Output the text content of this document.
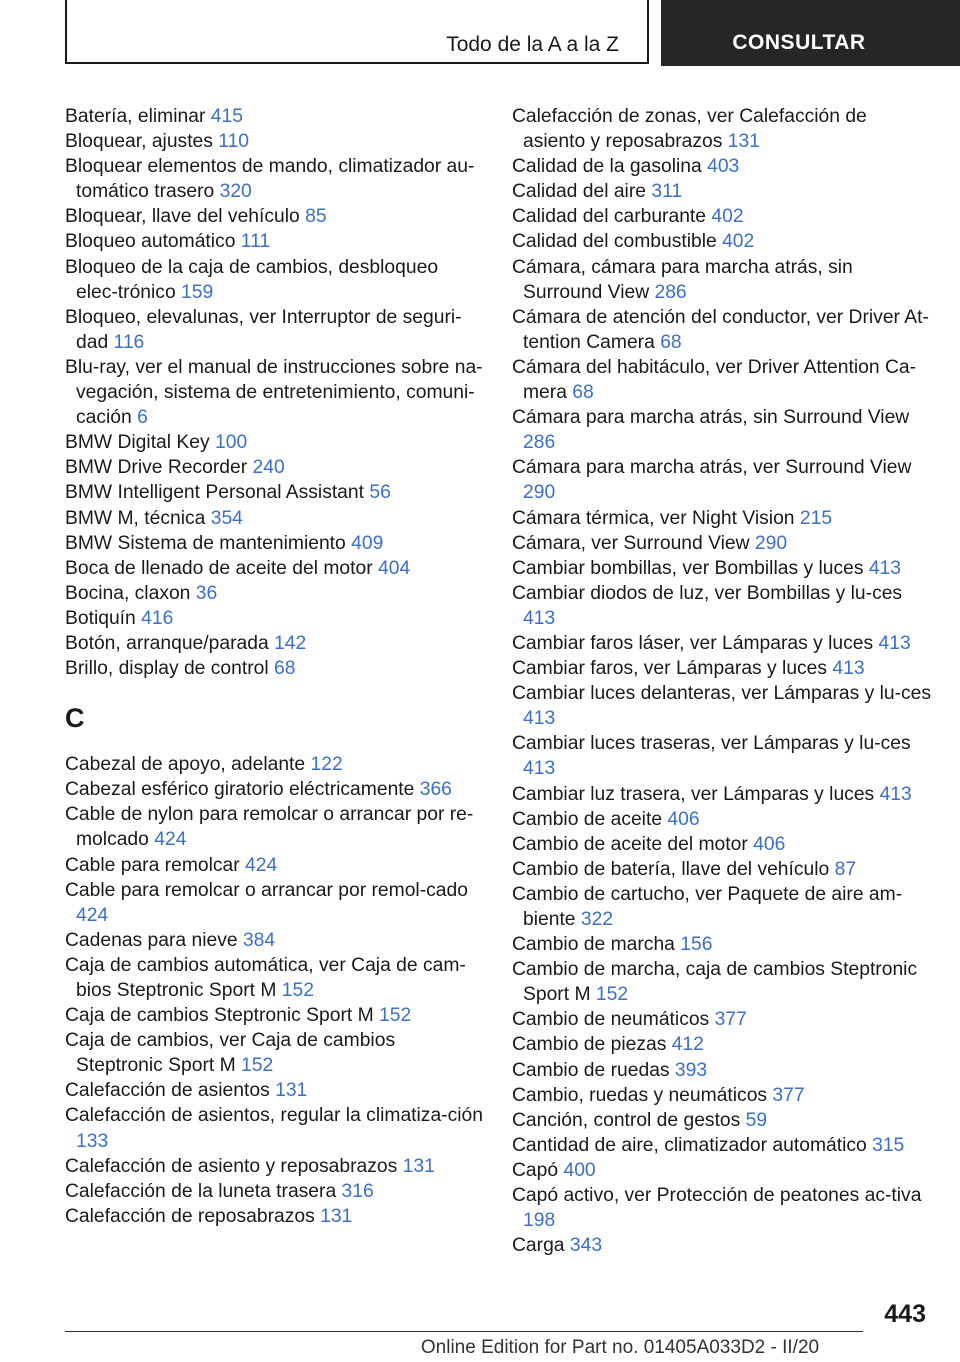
Todo de la A a la Z	CONSULTAR

Batería, eliminar 415

Bloquear, ajustes 110

Bloquear elementos de mando, climatizador au‐tomático trasero 320

Bloquear, llave del vehículo 85

Bloqueo automático 111

Bloqueo de la caja de cambios, desbloqueo elec‐trónico 159

Bloqueo, elevalunas, ver Interruptor de seguri‐dad 116

Blu-ray, ver el manual de instrucciones sobre na‐vegación, sistema de entretenimiento, comuni‐cación 6

BMW Digital Key 100

BMW Drive Recorder 240

BMW Intelligent Personal Assistant 56

BMW M, técnica 354

BMW Sistema de mantenimiento 409

Boca de llenado de aceite del motor 404

Bocina, claxon 36

Botiquín 416

Botón, arranque/parada 142

Brillo, display de control 68

C

Cabezal de apoyo, adelante 122

Cabezal esférico giratorio eléctricamente 366

Cable de nylon para remolcar o arrancar por re‐molcado 424

Cable para remolcar 424

Cable para remolcar o arrancar por remol‐cado 424

Cadenas para nieve 384

Caja de cambios automática, ver Caja de cam‐bios Steptronic Sport M 152

Caja de cambios Steptronic Sport M 152

Caja de cambios, ver Caja de cambios Steptronic Sport M 152

Calefacción de asientos 131

Calefacción de asientos, regular la climatiza‐ción 133

Calefacción de asiento y reposabrazos 131

Calefacción de la luneta trasera 316

Calefacción de reposabrazos 131

Calefacción de zonas, ver Calefacción de asiento y reposabrazos 131

Calidad de la gasolina 403

Calidad del aire 311

Calidad del carburante 402

Calidad del combustible 402

Cámara, cámara para marcha atrás, sin Surround View 286

Cámara de atención del conductor, ver Driver At‐tention Camera 68

Cámara del habitáculo, ver Driver Attention Ca‐mera 68

Cámara para marcha atrás, sin Surround View 286

Cámara para marcha atrás, ver Surround View 290

Cámara térmica, ver Night Vision 215

Cámara, ver Surround View 290

Cambiar bombillas, ver Bombillas y luces 413

Cambiar diodos de luz, ver Bombillas y lu‐ces 413

Cambiar faros láser, ver Lámparas y luces 413

Cambiar faros, ver Lámparas y luces 413

Cambiar luces delanteras, ver Lámparas y lu‐ces 413

Cambiar luces traseras, ver Lámparas y lu‐ces 413

Cambiar luz trasera, ver Lámparas y luces 413

Cambio de aceite 406

Cambio de aceite del motor 406

Cambio de batería, llave del vehículo 87

Cambio de cartucho, ver Paquete de aire am‐biente 322

Cambio de marcha 156

Cambio de marcha, caja de cambios Steptronic Sport M 152

Cambio de neumáticos 377

Cambio de piezas 412

Cambio de ruedas 393

Cambio, ruedas y neumáticos 377

Canción, control de gestos 59

Cantidad de aire, climatizador automático 315

Capó 400

Capó activo, ver Protección de peatones ac‐tiva 198

Carga 343

443
Online Edition for Part no. 01405A033D2 - II/20
